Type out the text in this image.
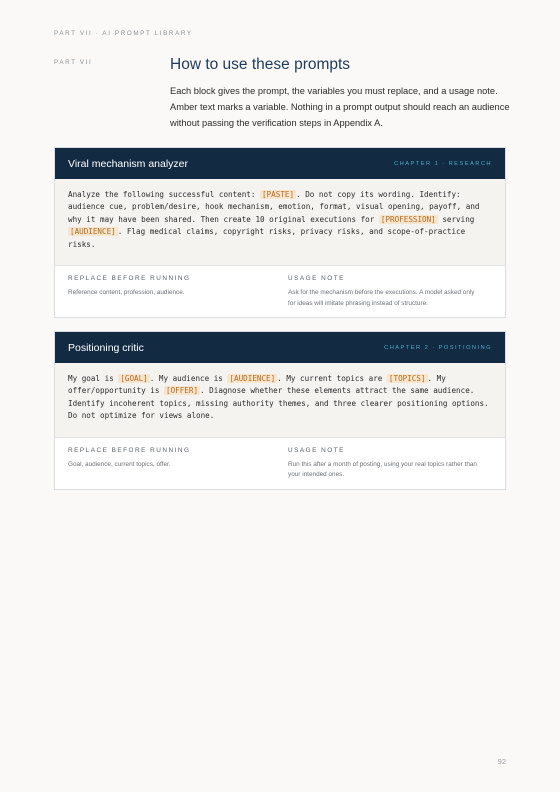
PART VII · AI PROMPT LIBRARY
PART VII	How to use these prompts

Each block gives the prompt, the variables you must replace, and a usage note. Amber text marks a variable. Nothing in a prompt output should reach an audience without passing the verification steps in Appendix A.

Viral mechanism analyzer	CHAPTER 1 · RESEARCH
Analyze the following successful content: [PASTE] . Do not copy its wording. Identify: audience cue, problem/desire, hook mechanism, emotion, format, visual opening, payoff, and why it may have been shared. Then create 10 original executions for [PROFESSION] serving [AUDIENCE] . Flag medical claims, copyright risks, privacy risks, and scope-of-practice risks.
REPLACE BEFORE RUNNING
Reference content, profession, audience.
USAGE NOTE
Ask for the mechanism before the executions. A model asked only for ideas will imitate phrasing instead of structure.
Positioning critic	CHAPTER 2 · POSITIONING
My goal is [GOAL] . My audience is [AUDIENCE] . My current topics are [TOPICS] . My offer/opportunity is [OFFER] . Diagnose whether these elements attract the same audience. Identify incoherent topics, missing authority themes, and three clearer positioning options. Do not optimize for views alone.
REPLACE BEFORE RUNNING
Goal, audience, current topics, offer.
USAGE NOTE
Run this after a month of posting, using your real topics rather than your intended ones.
92
